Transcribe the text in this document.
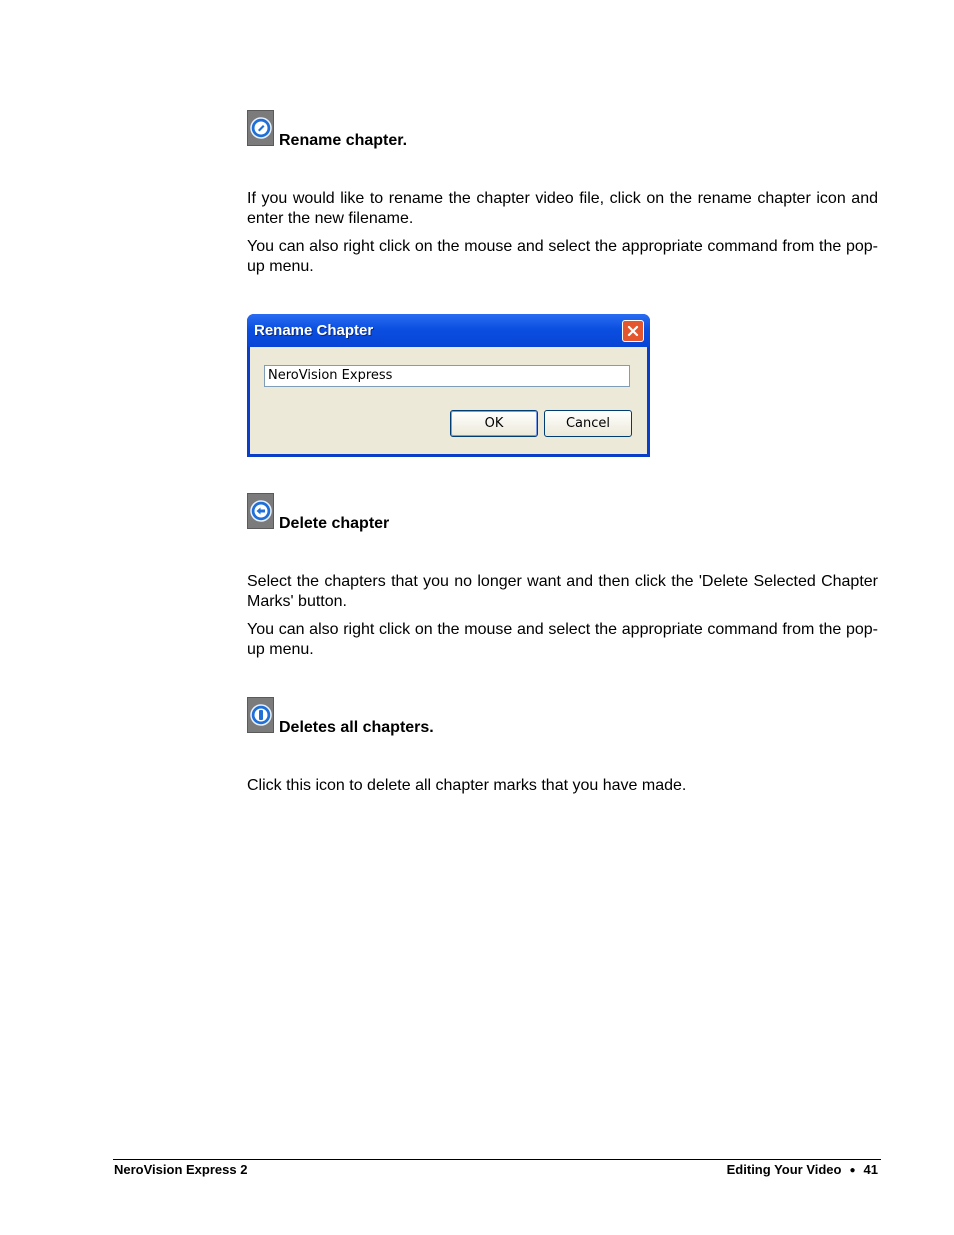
Rename chapter.

If you would like to rename the chapter video file, click on the rename chapter icon and enter the new filename.

You can also right click on the mouse and select the appropriate command from the pop-up menu.

Rename Chapter
NeroVision Express
OK	Cancel
Delete chapter

Select the chapters that you no longer want and then click the 'Delete Selected Chapter Marks' button.

You can also right click on the mouse and select the appropriate command from the pop-up menu.

Deletes all chapters.

Click this icon to delete all chapter marks that you have made.

NeroVision Express 2	Editing Your Video ● 41
